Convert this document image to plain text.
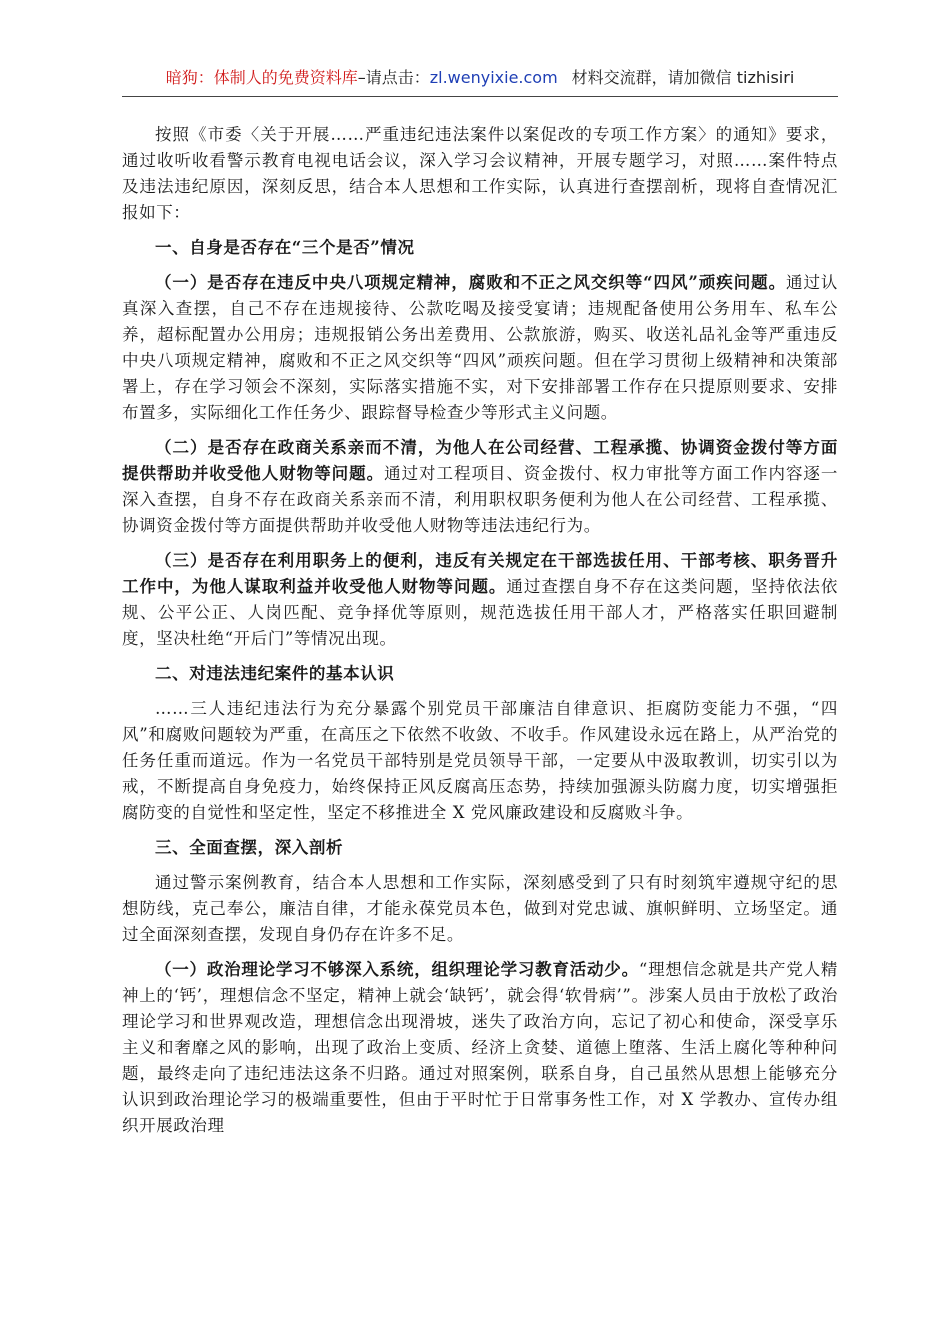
暗狗：体制人的免费资料库–请点击：zl.wenyixie.com 材料交流群，请加微信 tizhisiri

按照《市委〈关于开展……严重违纪违法案件以案促改的专项工作方案〉的通知》要求，通过收听收看警示教育电视电话会议，深入学习会议精神，开展专题学习，对照……案件特点及违法违纪原因，深刻反思，结合本人思想和工作实际，认真进行查摆剖析，现将自查情况汇报如下：

一、自身是否存在“三个是否”情况

（一）是否存在违反中央八项规定精神，腐败和不正之风交织等“四风”顽疾问题。通过认真深入查摆，自己不存在违规接待、公款吃喝及接受宴请；违规配备使用公务用车、私车公养，超标配置办公用房；违规报销公务出差费用、公款旅游，购买、收送礼品礼金等严重违反中央八项规定精神，腐败和不正之风交织等“四风”顽疾问题。但在学习贯彻上级精神和决策部署上，存在学习领会不深刻，实际落实措施不实，对下安排部署工作存在只提原则要求、安排布置多，实际细化工作任务少、跟踪督导检查少等形式主义问题。

（二）是否存在政商关系亲而不清，为他人在公司经营、工程承揽、协调资金拨付等方面提供帮助并收受他人财物等问题。通过对工程项目、资金拨付、权力审批等方面工作内容逐一深入查摆，自身不存在政商关系亲而不清，利用职权职务便利为他人在公司经营、工程承揽、协调资金拨付等方面提供帮助并收受他人财物等违法违纪行为。

（三）是否存在利用职务上的便利，违反有关规定在干部选拔任用、干部考核、职务晋升工作中，为他人谋取利益并收受他人财物等问题。通过查摆自身不存在这类问题，坚持依法依规、公平公正、人岗匹配、竞争择优等原则，规范选拔任用干部人才，严格落实任职回避制度，坚决杜绝“开后门”等情况出现。

二、对违法违纪案件的基本认识

……三人违纪违法行为充分暴露个别党员干部廉洁自律意识、拒腐防变能力不强，“四风”和腐败问题较为严重，在高压之下依然不收敛、不收手。作风建设永远在路上，从严治党的任务任重而道远。作为一名党员干部特别是党员领导干部，一定要从中汲取教训，切实引以为戒，不断提高自身免疫力，始终保持正风反腐高压态势，持续加强源头防腐力度，切实增强拒腐防变的自觉性和坚定性，坚定不移推进全 X 党风廉政建设和反腐败斗争。

三、全面查摆，深入剖析

通过警示案例教育，结合本人思想和工作实际，深刻感受到了只有时刻筑牢遵规守纪的思想防线，克己奉公，廉洁自律，才能永葆党员本色，做到对党忠诚、旗帜鲜明、立场坚定。通过全面深刻查摆，发现自身仍存在许多不足。

（一）政治理论学习不够深入系统，组织理论学习教育活动少。“理想信念就是共产党人精神上的‘钙’，理想信念不坚定，精神上就会‘缺钙’，就会得‘软骨病’”。涉案人员由于放松了政治理论学习和世界观改造，理想信念出现滑坡，迷失了政治方向，忘记了初心和使命，深受享乐主义和奢靡之风的影响，出现了政治上变质、经济上贪婪、道德上堕落、生活上腐化等种种问题，最终走向了违纪违法这条不归路。通过对照案例，联系自身，自己虽然从思想上能够充分认识到政治理论学习的极端重要性，但由于平时忙于日常事务性工作，对 X 学教办、宣传办组织开展政治理
